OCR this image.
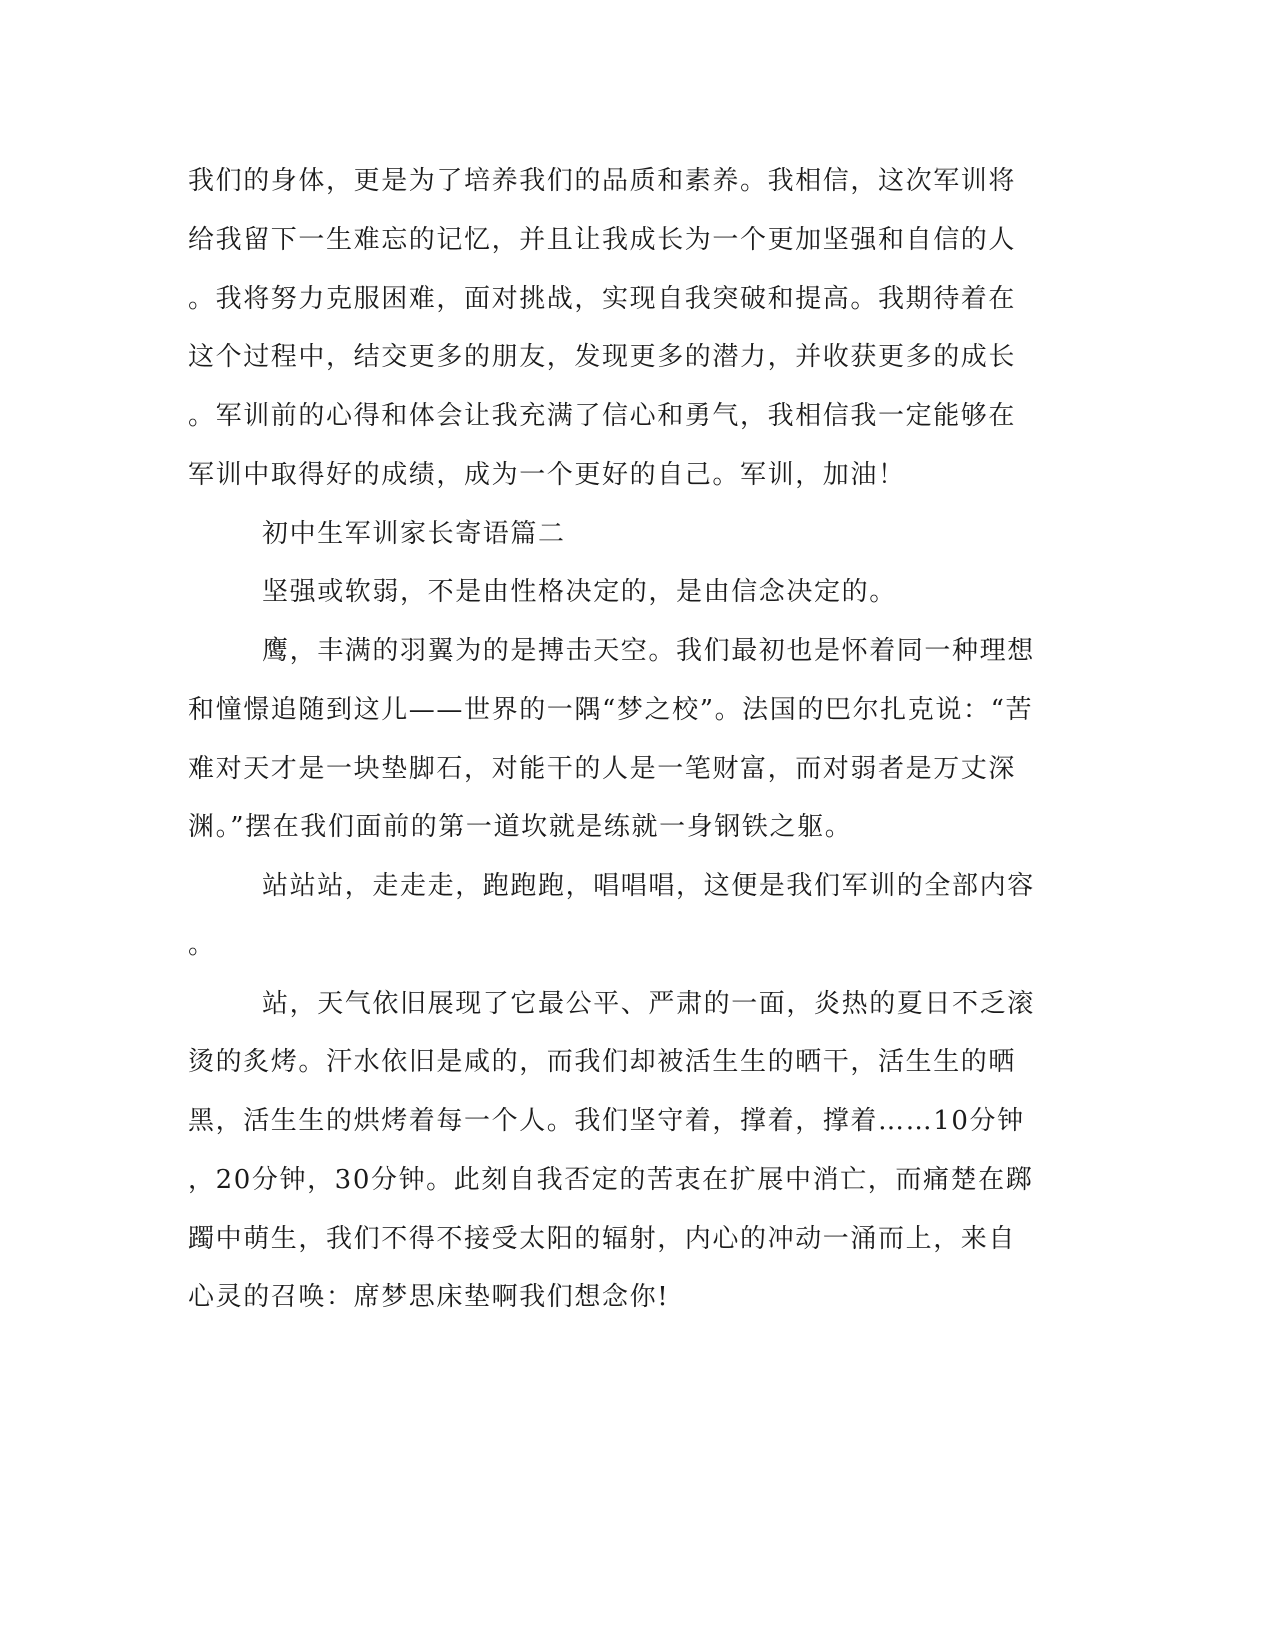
我们的身体，更是为了培养我们的品质和素养。我相信，这次军训将
给我留下一生难忘的记忆，并且让我成长为一个更加坚强和自信的人
。我将努力克服困难，面对挑战，实现自我突破和提高。我期待着在
这个过程中，结交更多的朋友，发现更多的潜力，并收获更多的成长
。军训前的心得和体会让我充满了信心和勇气，我相信我一定能够在
军训中取得好的成绩，成为一个更好的自己。军训，加油！
初中生军训家长寄语篇二
坚强或软弱，不是由性格决定的，是由信念决定的。
鹰，丰满的羽翼为的是搏击天空。我们最初也是怀着同一种理想
和憧憬追随到这儿——世界的一隅“梦之校”。法国的巴尔扎克说：“苦
难对天才是一块垫脚石，对能干的人是一笔财富，而对弱者是万丈深
渊。”摆在我们面前的第一道坎就是练就一身钢铁之躯。
站站站，走走走，跑跑跑，唱唱唱，这便是我们军训的全部内容
。
站，天气依旧展现了它最公平、严肃的一面，炎热的夏日不乏滚
烫的炙烤。汗水依旧是咸的，而我们却被活生生的晒干，活生生的晒
黑，活生生的烘烤着每一个人。我们坚守着，撑着，撑着……10分钟
，20分钟，30分钟。此刻自我否定的苦衷在扩展中消亡，而痛楚在踯
躅中萌生，我们不得不接受太阳的辐射，内心的冲动一涌而上，来自
心灵的召唤：席梦思床垫啊我们想念你!
